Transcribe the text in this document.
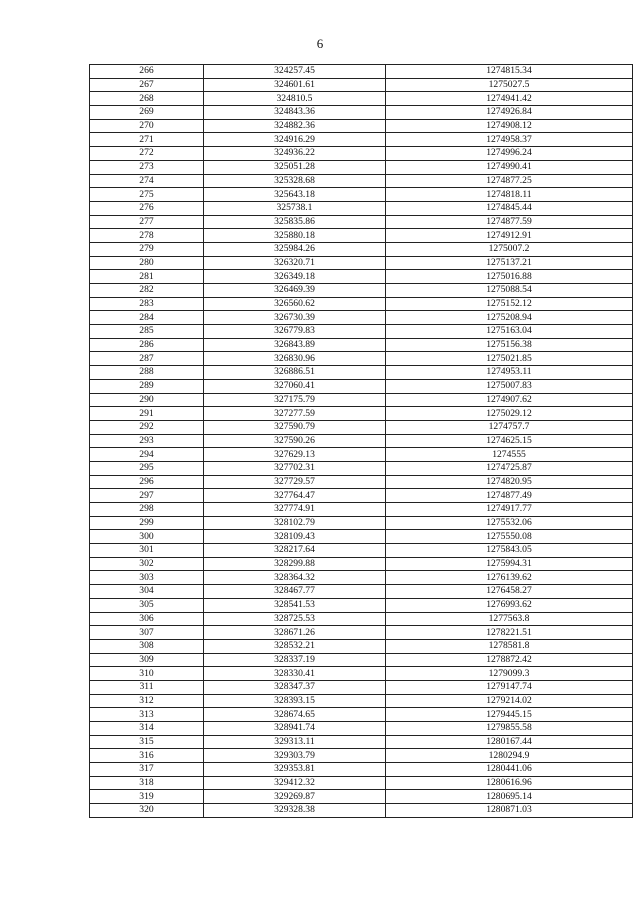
6
266	324257.45	1274815.34
267	324601.61	1275027.5
268	324810.5	1274941.42
269	324843.36	1274926.84
270	324882.36	1274908.12
271	324916.29	1274958.37
272	324936.22	1274996.24
273	325051.28	1274990.41
274	325328.68	1274877.25
275	325643.18	1274818.11
276	325738.1	1274845.44
277	325835.86	1274877.59
278	325880.18	1274912.91
279	325984.26	1275007.2
280	326320.71	1275137.21
281	326349.18	1275016.88
282	326469.39	1275088.54
283	326560.62	1275152.12
284	326730.39	1275208.94
285	326779.83	1275163.04
286	326843.89	1275156.38
287	326830.96	1275021.85
288	326886.51	1274953.11
289	327060.41	1275007.83
290	327175.79	1274907.62
291	327277.59	1275029.12
292	327590.79	1274757.7
293	327590.26	1274625.15
294	327629.13	1274555
295	327702.31	1274725.87
296	327729.57	1274820.95
297	327764.47	1274877.49
298	327774.91	1274917.77
299	328102.79	1275532.06
300	328109.43	1275550.08
301	328217.64	1275843.05
302	328299.88	1275994.31
303	328364.32	1276139.62
304	328467.77	1276458.27
305	328541.53	1276993.62
306	328725.53	1277563.8
307	328671.26	1278221.51
308	328532.21	1278581.8
309	328337.19	1278872.42
310	328330.41	1279099.3
311	328347.37	1279147.74
312	328393.15	1279214.02
313	328674.65	1279445.15
314	328941.74	1279855.58
315	329313.11	1280167.44
316	329303.79	1280294.9
317	329353.81	1280441.06
318	329412.32	1280616.96
319	329269.87	1280695.14
320	329328.38	1280871.03
